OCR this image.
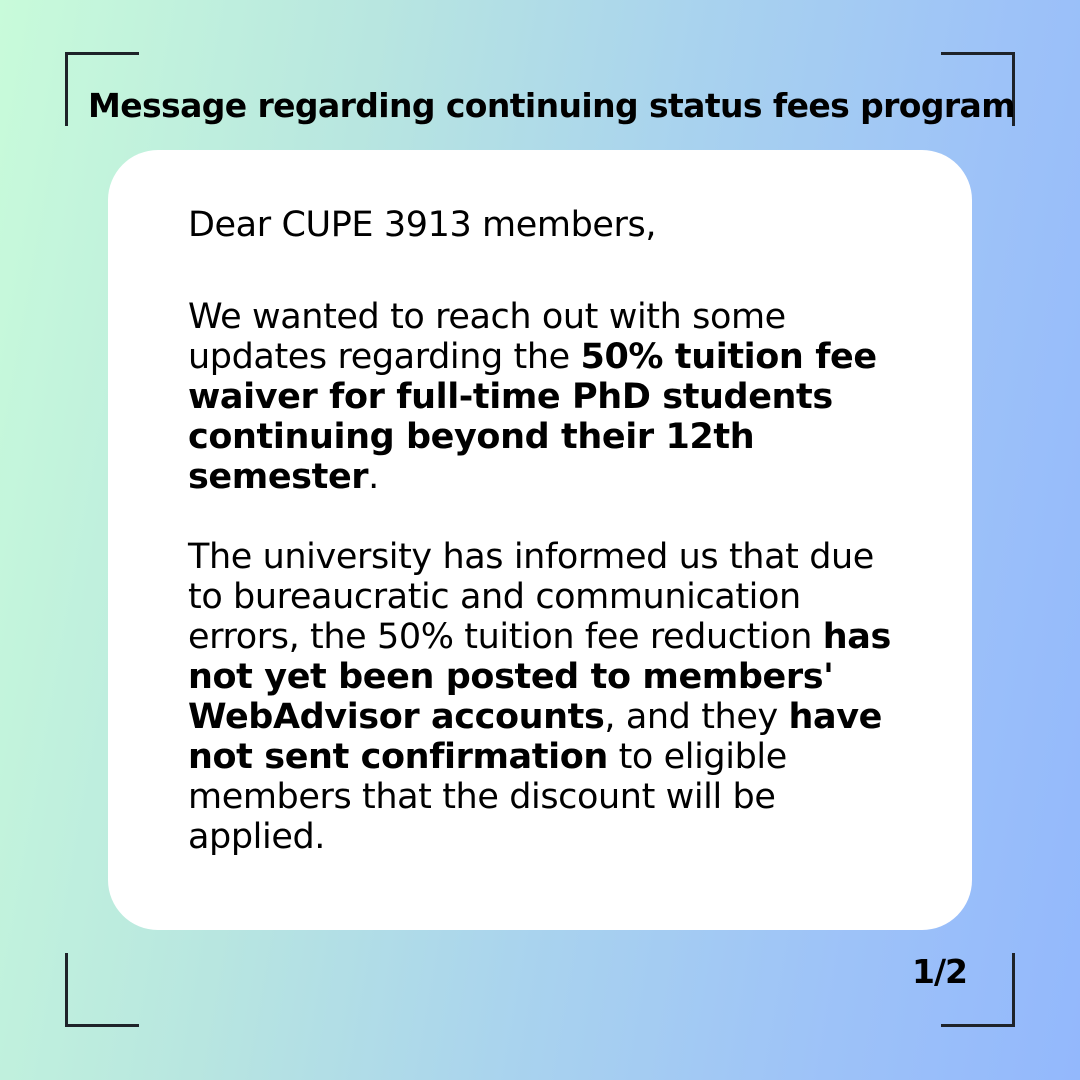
Message regarding continuing status fees program

Dear CUPE 3913 members,

We wanted to reach out with some updates regarding the 50% tuition fee waiver for full-time PhD students continuing beyond their 12th semester.

The university has informed us that due to bureaucratic and communication errors, the 50% tuition fee reduction has not yet been posted to members' WebAdvisor accounts, and they have not sent confirmation to eligible members that the discount will be applied.

1/2
